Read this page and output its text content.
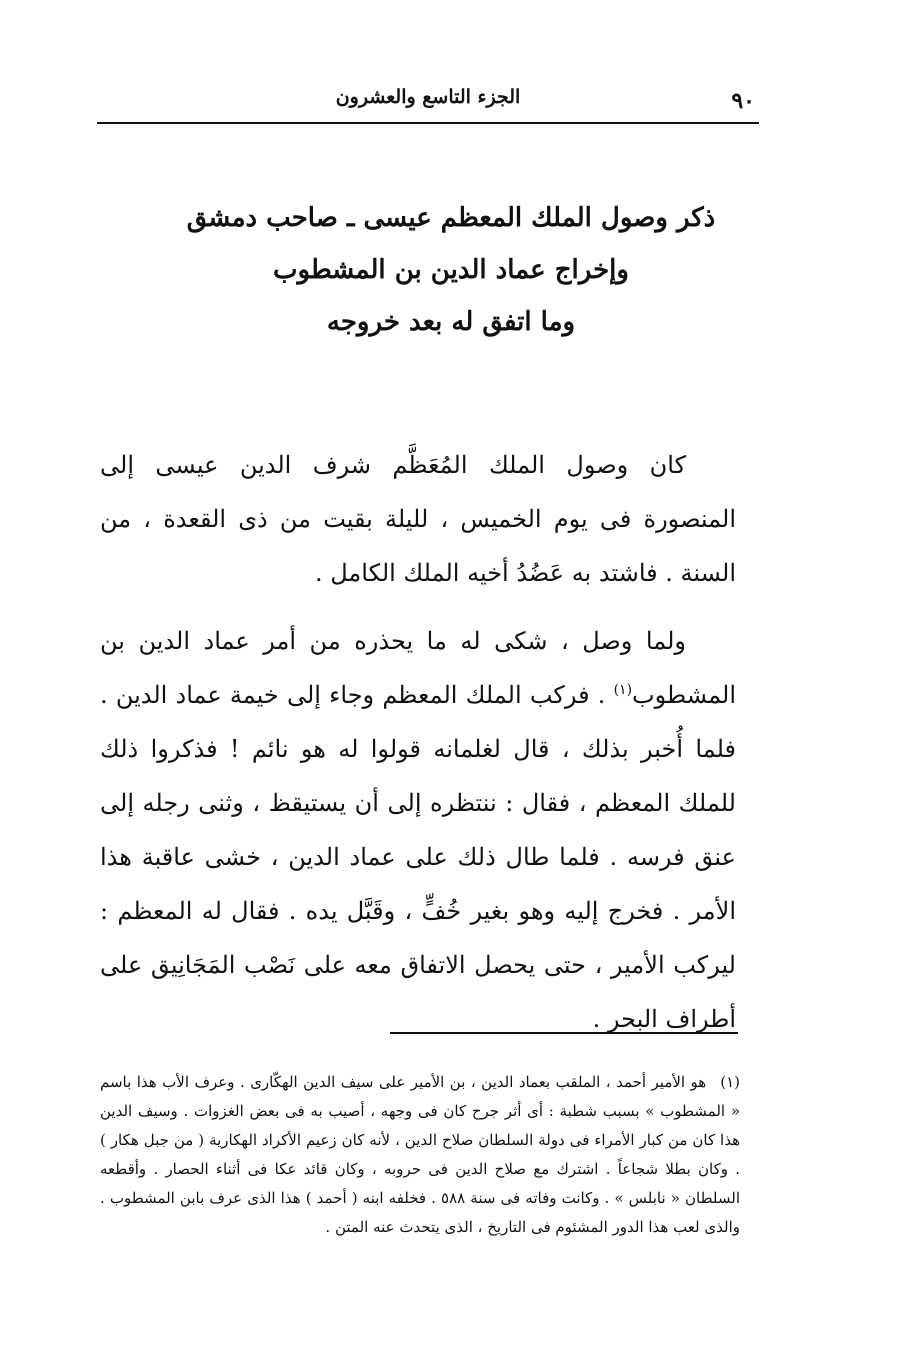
الجزء التاسع والعشرون	٩٠
ذكر وصول الملك المعظم عيسى ـ صاحب دمشق
وإخراج عماد الدين بن المشطوب
وما اتفق له بعد خروجه

كان وصول الملك المُعَظَّم شرف الدين عيسى إلى المنصورة فى يوم الخميس ، لليلة بقيت من ذى القعدة ، من السنة . فاشتد به عَضُدُ أخيه الملك الكامل .

ولما وصل ، شكى له ما يحذره من أمر عماد الدين بن المشطوب$^{(١)}$ . فركب الملك المعظم وجاء إلى خيمة عماد الدين . فلما أُخبر بذلك ، قال لغلمانه قولوا له هو نائم ! فذكروا ذلك للملك المعظم ، فقال : ننتظره إلى أن يستيقظ ، وثنى رجله إلى عنق فرسه . فلما طال ذلك على عماد الدين ، خشى عاقبة هذا الأمر . فخرج إليه وهو بغير خُفٍّ ، وقَبَّل يده . فقال له المعظم : ليركب الأمير ، حتى يحصل الاتفاق معه على نَصْب المَجَانِيق على أطراف البحر .

(١)هو الأمير أحمد ، الملقب بعماد الدين ، بن الأمير على سيف الدين الهكّارى . وعرف الأب هذا باسم « المشطوب » بسبب شطبة : أى أثر جرح كان فى وجهه ، أصيب به فى بعض الغزوات . وسيف الدين هذا كان من كبار الأمراء فى دولة السلطان صلاح الدين ، لأنه كان زعيم الأكراد الهكارية ( من جبل هكار ) . وكان بطلا شجاعاً . اشترك مع صلاح الدين فى حروبه ، وكان قائد عكا فى أثناء الحصار . وأقطعه السلطان « نابلس » . وكانت وفاته فى سنة ٥٨٨ . فخلفه ابنه ( أحمد ) هذا الذى عرف بابن المشطوب . والذى لعب هذا الدور المشئوم فى التاريخ ، الذى يتحدث عنه المتن .
